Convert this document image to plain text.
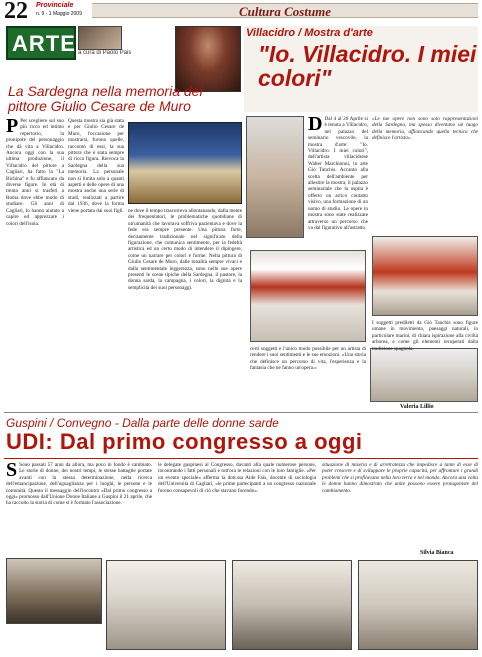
22 Provinciale
n. 9 - 1 Maggio 2009	Cultura Costume
ARTE a cura di Paolo Pais
La Sardegna nella memoria del pittore Giulio Cesare de Muro
P Per scegliere sul suo più ricco ed intimo repertorio, la pronipote del personaggio che dà vita a Villacidro. Ancora oggi con la sua ultima produzione, il Villacidro del pittore a Cagliari, ha fatto la "La Bichina" e fu affiancato da diverse figure. In età di trenta anni si trasferì a Roma dove ebbe modo di studiare. Gli anni di Cagliari, lo hanno aiutato a capire ed apprezzare i colori dell'isola.
Questa mostra sia già stata e per Giulio Cesare de Muro, l'occasione per mostrarsi, furono quelle, raccontò di essi, la sua pittura che è stata sempre di ricca figura. Rievoca la Sardegna della sua memoria. La personale non si limita solo a quanti aspetti e delle opere di una mostra anche una serie di studi, realizzati a partire dal 1936, dove la forma viene portata dai suoi figli. ne dove il tempo trascorreva allontanando, dalla mente dei frequentatori, le problematiche quotidiane di un'umanità che lavorava soffriva pazientava e dove la fede era sempre presente. Una pittura forte, decisamente tradizionale nel significato della figurazione, che comunica sentimento, per la fedeltà artistica ed un certo modo di intendere il dipingere, come un narrare per colori e forme. Nella pittura di Giulio Cesare de Muro, dalle tonalità sempre vivaci e dalla sentimentale leggerezza, sono nelle sue opere presenti le scene tipiche della Sardegna, il pastore, la donna sarda, la campagna, i colori, la dignità e la semplicità dei suoi personaggi.
Villacidro / Mostra d'arte
"Io. Villacidro. I miei colori"
D Dal 4 al 26 Aprile si è tenuta a Villacidro, nel palazzo del seminario vescovile, la mostra d'arte: "Io. Villacidro. I miei colori", dell'artista villacidrese Walter Marchionni, in arte Giò Tanchis. Accanto alla scelta dell'ambiente per allestire la mostra, il palazzo seminariale che la ospita è offerto un arrico contatto visivo, una formazione di un uomo di studio. Le opere in mostra sono state realizzate attraverso un percorso che va dal figurativo all'astratto.
«Le tue opere non sono solo rappresentazioni della Sardegna, ma spesso diventano un luogo della memoria, affiancando quella tecnica che definisce l'artista».
certi soggetti e l'unico modo possibile per un artista di rendere i suoi sentimenti e le sue emozioni. «Una storia che definisce un percorso di vita, l'esperienza e la fantasia che ne fanno un'opera.»
I soggetti prediletti da Giò Tanchis sono figure umane in movimento, paesaggi naturali, in particolare marini, di chiara ispirazione alla civiltà arborea, e come gli elementi recuperati dalla tradizione spagnola.
Valeria Lillio
Guspini / Convegno - Dalla parte delle donne sarde
UDI: Dal primo congresso a oggi
S Sono passati 57 anni da allora, ma poco in fondo è cambiato. Le storie di donne, dei nostri tempi, le stesse battaglie portate avanti con la stessa determinazione, nella ricerca dell'emancipazione, dell'uguaglianza per i luoghi, le persone e le comunità. Questo il messaggio dell'incontro «Dal primo congresso a oggi» promosso dall'Unione Donne Italiane a Guspini il 21 aprile, che ha raccolto la storia di come si è formato l'associazione.
le delegate guspinesi al Congresso, davanti alla quale numerose persone, incontrando i fatti personali e tutt'ora le relazioni con le loro famiglie. «Per un evento speciale» afferma la dott.ssa Aide Fais, docente di sociologia dell'Università di Cagliari, «le prime partecipanti a un congresso nazionale furono consapevoli di ciò che stavano facendo».
situazione di miseria e di arretratezza che impedisce a tante di esse di poter crescere e di sviluppare le proprie capacità, per affrontare i grandi problemi che si profilavano nella loro terra e nel mondo. Ancora una volta le donne hanno dimostrato che unite possono essere protagoniste del cambiamento.
Silvia Bianca
